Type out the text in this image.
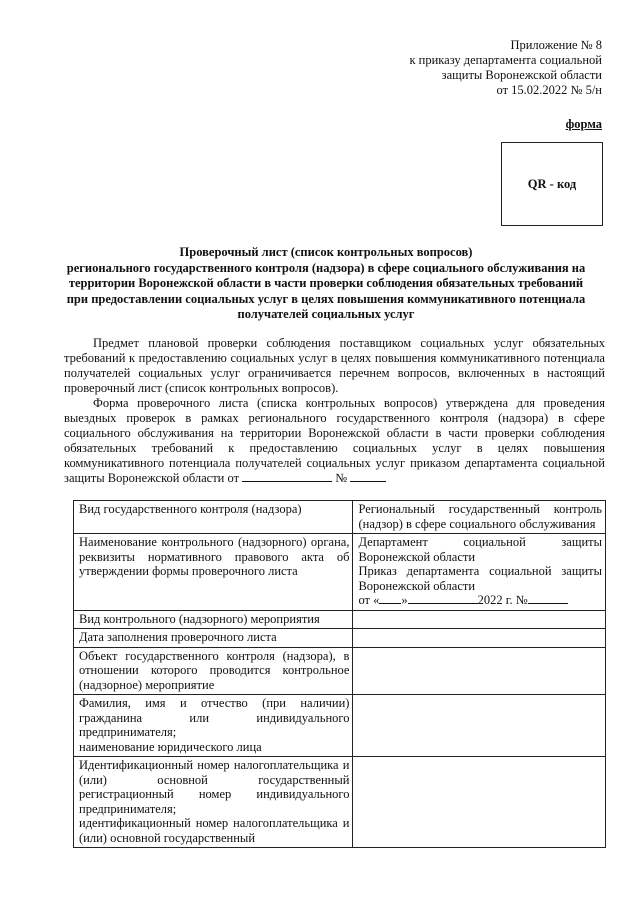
Приложение № 8
к приказу департамента социальной
защиты Воронежской области
от 15.02.2022 № 5/н
форма
QR - код
Проверочный лист (список контрольных вопросов)
регионального государственного контроля (надзора) в сфере социального обслуживания на
территории Воронежской области в части проверки соблюдения обязательных требований
при предоставлении социальных услуг в целях повышения коммуникативного потенциала
получателей социальных услуг

Предмет плановой проверки соблюдения поставщиком социальных услуг обязательных требований к предоставлению социальных услуг в целях повышения коммуникативного потенциала получателей социальных услуг ограничивается перечнем вопросов, включенных в настоящий проверочный лист (список контрольных вопросов).

Форма проверочного листа (списка контрольных вопросов) утверждена для проведения выездных проверок в рамках регионального государственного контроля (надзора) в сфере социального обслуживания на территории Воронежской области в части проверки соблюдения обязательных требований к предоставлению социальных услуг в целях повышения коммуникативного потенциала получателей социальных услуг приказом департамента социальной защиты Воронежской области от	№

Вид государственного контроля (надзора)	Региональный государственный контроль (надзор) в сфере социального обслуживания
Наименование контрольного (надзорного) органа, реквизиты нормативного правового акта об утверждении формы проверочного листа	Департамент социальной защиты Воронежской области
Приказ департамента социальной защиты Воронежской области
от « » 2022 г. №

Вид контрольного (надзорного) мероприятия	
Дата заполнения проверочного листа	
Объект государственного контроля (надзора), в отношении которого проводится контрольное (надзорное) мероприятие	

Фамилия, имя и отчество (при наличии) гражданина или индивидуального предпринимателя;
наименование юридического лица	

Идентификационный номер налогоплательщика и (или) основной государственный регистрационный номер индивидуального предпринимателя;
идентификационный номер налогоплательщика и (или) основной государственный	
